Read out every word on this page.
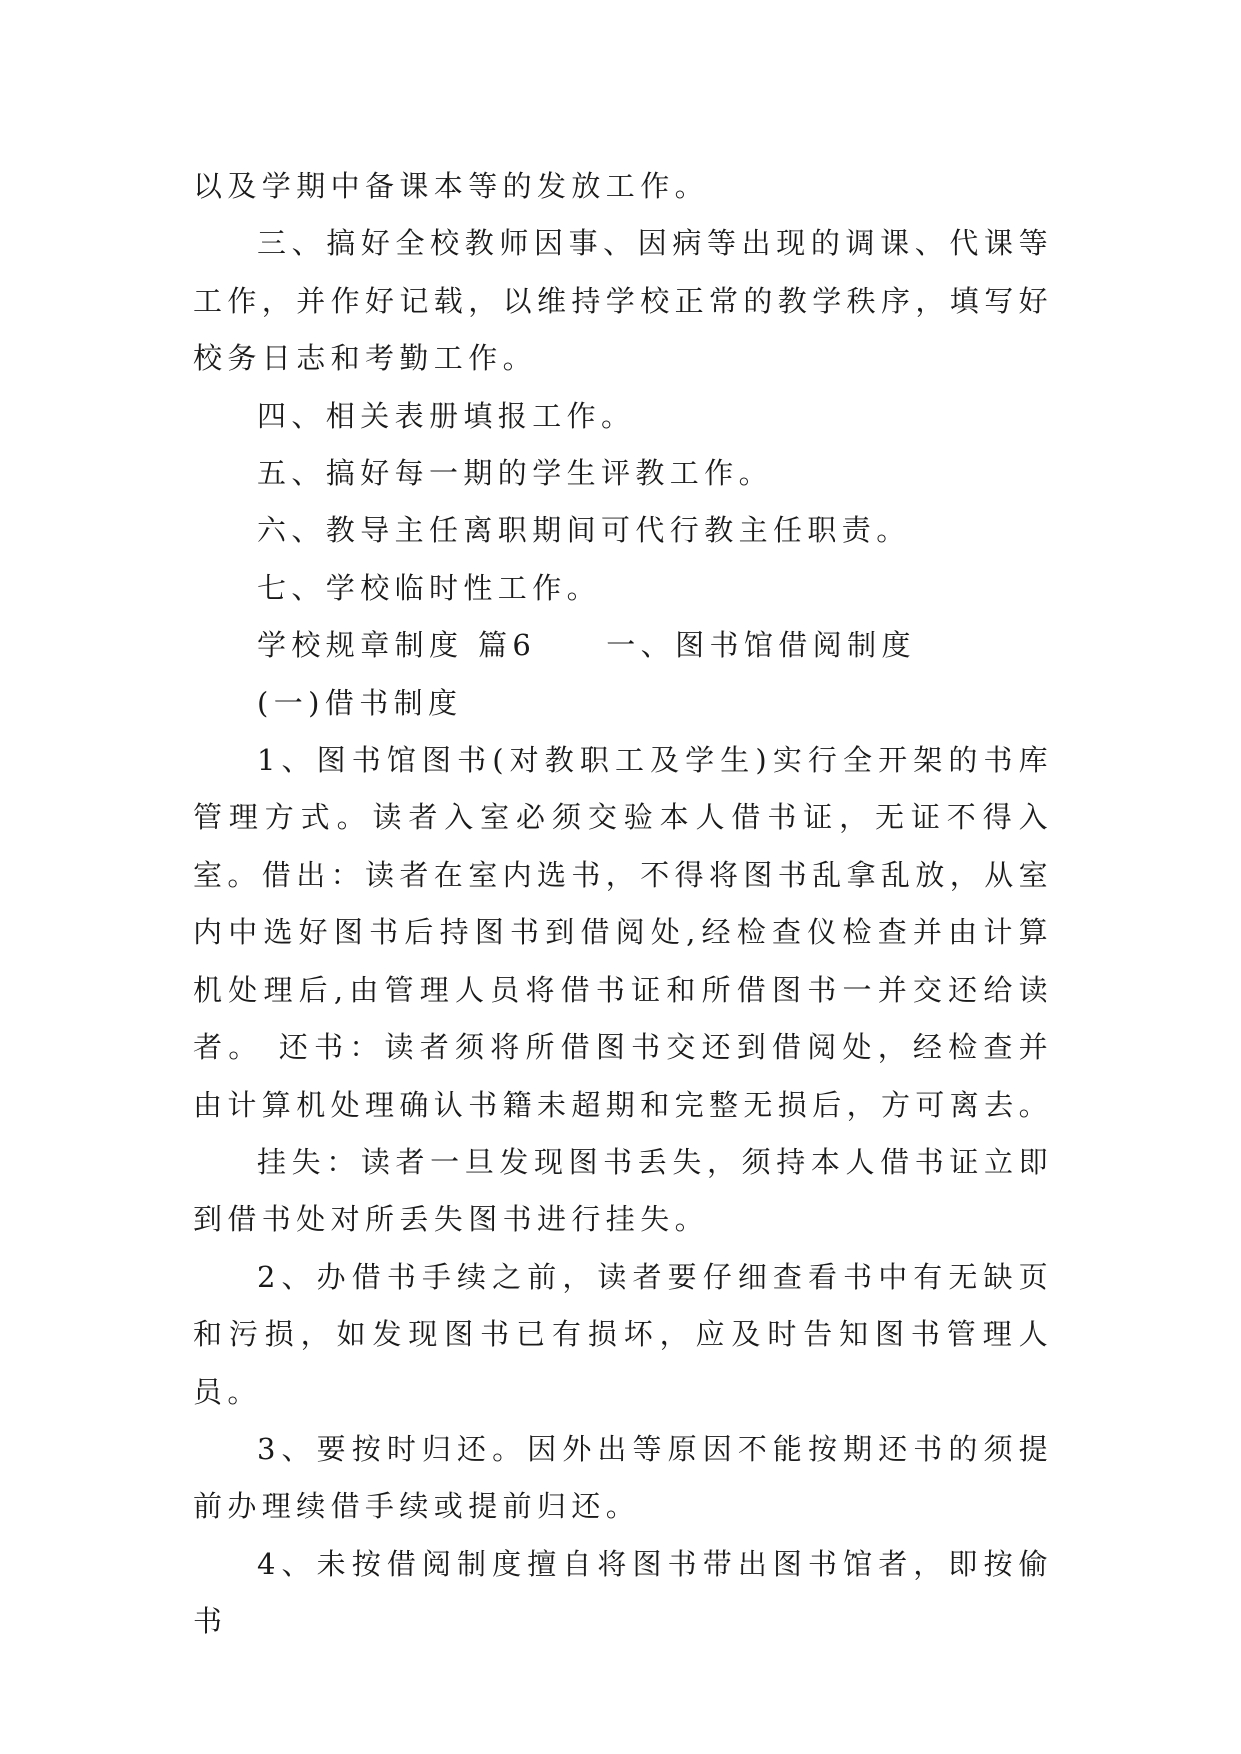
以及学期中备课本等的发放工作。

三、搞好全校教师因事、因病等出现的调课、代课等工作，并作好记载，以维持学校正常的教学秩序，填写好校务日志和考勤工作。

四、相关表册填报工作。

五、搞好每一期的学生评教工作。

六、教导主任离职期间可代行教主任职责。

七、学校临时性工作。

学校规章制度 篇6 一、图书馆借阅制度

(一)借书制度

1、图书馆图书(对教职工及学生)实行全开架的书库管理方式。读者入室必须交验本人借书证，无证不得入室。借出：读者在室内选书，不得将图书乱拿乱放，从室内中选好图书后持图书到借阅处,经检查仪检查并由计算机处理后,由管理人员将借书证和所借图书一并交还给读者。 还书：读者须将所借图书交还到借阅处，经检查并由计算机处理确认书籍未超期和完整无损后，方可离去。

挂失：读者一旦发现图书丢失，须持本人借书证立即到借书处对所丢失图书进行挂失。

2、办借书手续之前，读者要仔细查看书中有无缺页和污损，如发现图书已有损坏，应及时告知图书管理人员。

3、要按时归还。因外出等原因不能按期还书的须提前办理续借手续或提前归还。

4、未按借阅制度擅自将图书带出图书馆者，即按偷书
